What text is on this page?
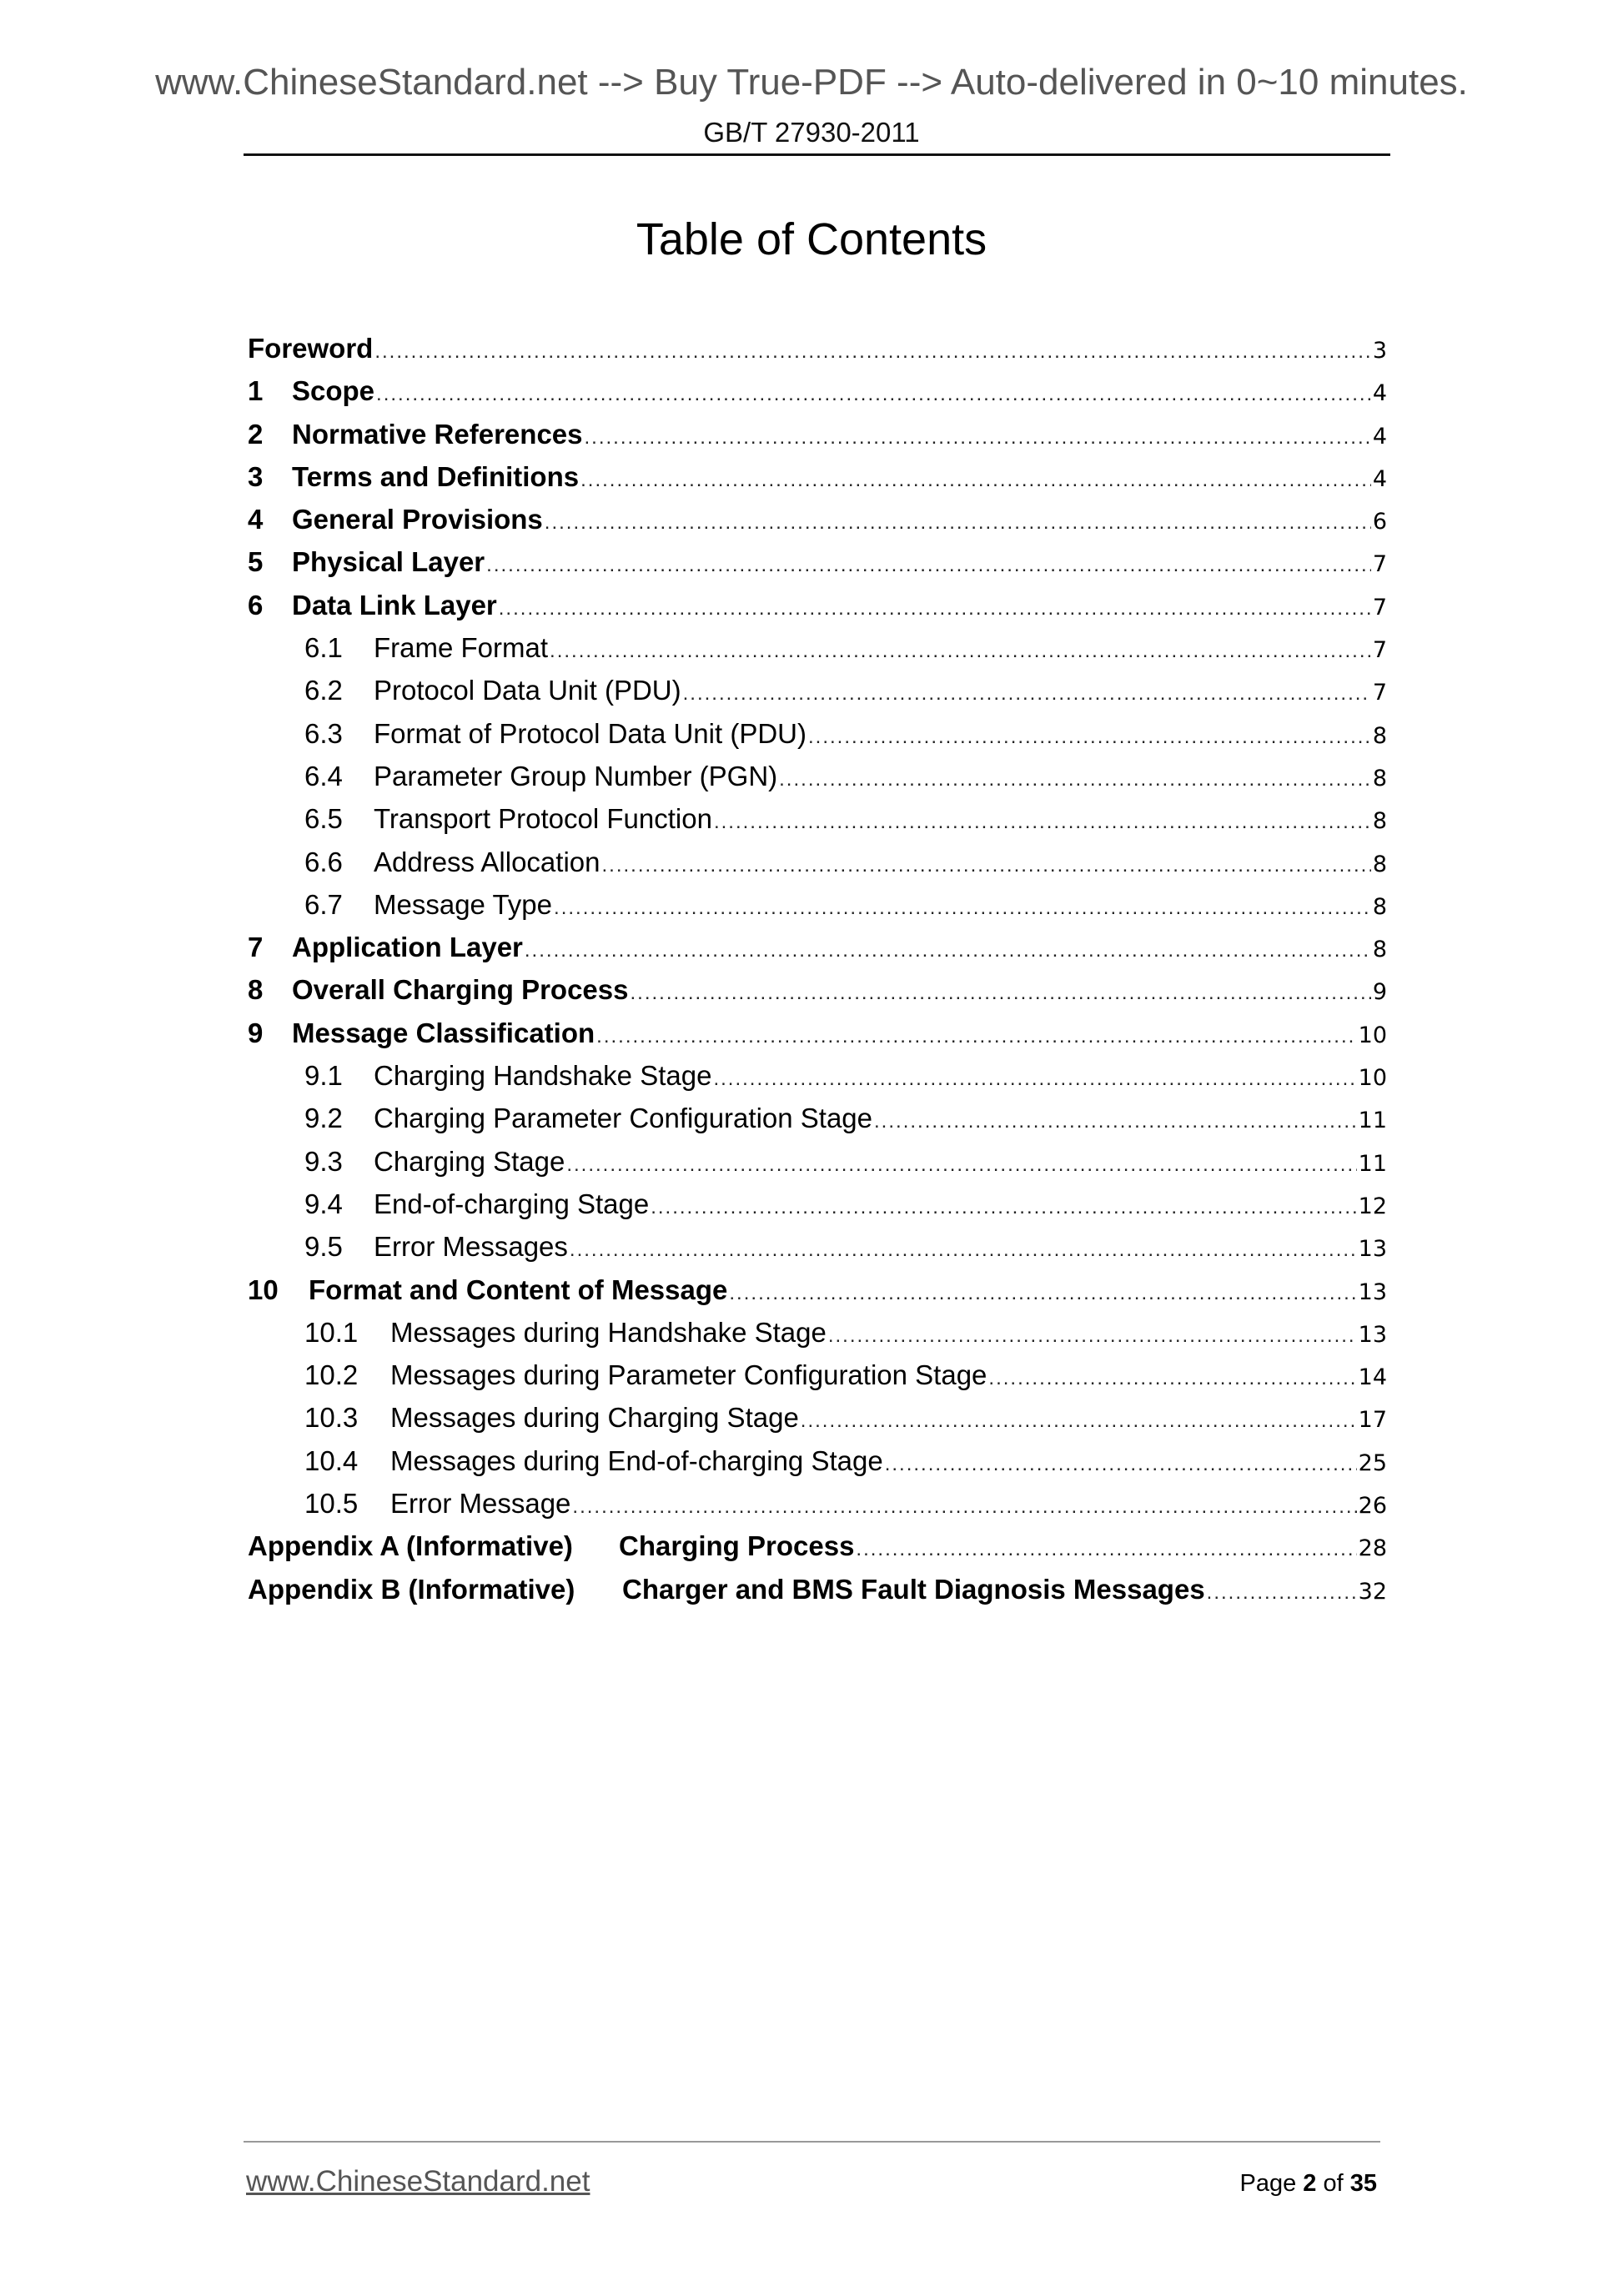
www.ChineseStandard.net --> Buy True-PDF --> Auto-delivered in 0~10 minutes.
GB/T 27930-2011
Table of Contents
Foreword .....	3
1	Scope .....	4
2	Normative References .....	4
3	Terms and Definitions .....	4
4	General Provisions .....	6
5	Physical Layer .....	7
6	Data Link Layer .....	7
6.1	Frame Format .....	7
6.2	Protocol Data Unit (PDU) .....	7
6.3	Format of Protocol Data Unit (PDU) .....	8
6.4	Parameter Group Number (PGN) .....	8
6.5	Transport Protocol Function .....	8
6.6	Address Allocation .....	8
6.7	Message Type .....	8
7	Application Layer .....	8
8	Overall Charging Process .....	9
9	Message Classification .....	10
9.1	Charging Handshake Stage .....	10
9.2	Charging Parameter Configuration Stage .....	11
9.3	Charging Stage .....	11
9.4	End-of-charging Stage .....	12
9.5	Error Messages .....	13
10	Format and Content of Message .....	13
10.1	Messages during Handshake Stage .....	13
10.2	Messages during Parameter Configuration Stage .....	14
10.3	Messages during Charging Stage .....	17
10.4	Messages during End-of-charging Stage .....	25
10.5	Error Message .....	26
Appendix A (Informative)	Charging Process .....	28
Appendix B (Informative)	Charger and BMS Fault Diagnosis Messages .....	32
www.ChineseStandard.net	Page 2 of 35
